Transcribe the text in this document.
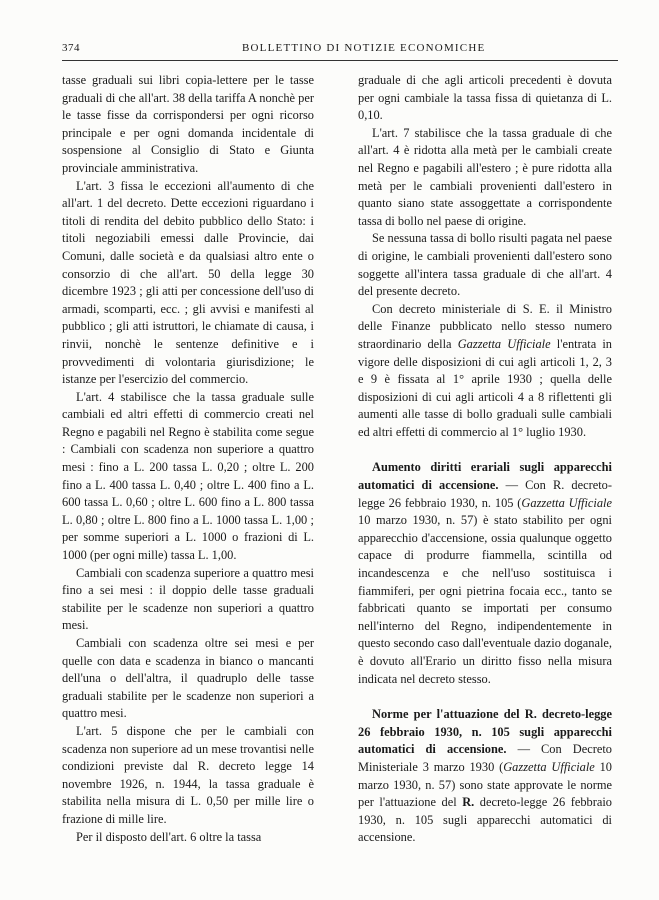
374	BOLLETTINO DI NOTIZIE ECONOMICHE

tasse graduali sui libri copia-lettere per le tasse graduali di che all'art. 38 della tariffa A nonchè per le tasse fisse da corrispondersi per ogni ricorso principale e per ogni domanda incidentale di sospensione al Consiglio di Stato e Giunta provinciale amministrativa.

L'art. 3 fissa le eccezioni all'aumento di che all'art. 1 del decreto. Dette eccezioni riguardano i titoli di rendita del debito pubblico dello Stato: i titoli negoziabili emessi dalle Provincie, dai Comuni, dalle società e da qualsiasi altro ente o consorzio di che all'art. 50 della legge 30 dicembre 1923 ; gli atti per concessione dell'uso di armadi, scomparti, ecc. ; gli avvisi e manifesti al pubblico ; gli atti istruttori, le chiamate di causa, i rinvii, nonchè le sentenze definitive e i provvedimenti di volontaria giurisdizione; le istanze per l'esercizio del commercio.

L'art. 4 stabilisce che la tassa graduale sulle cambiali ed altri effetti di commercio creati nel Regno e pagabili nel Regno è stabilita come segue : Cambiali con scadenza non superiore a quattro mesi : fino a L. 200 tassa L. 0,20 ; oltre L. 200 fino a L. 400 tassa L. 0,40 ; oltre L. 400 fino a L. 600 tassa L. 0,60 ; oltre L. 600 fino a L. 800 tassa L. 0,80 ; oltre L. 800 fino a L. 1000 tassa L. 1,00 ; per somme superiori a L. 1000 o frazioni di L. 1000 (per ogni mille) tassa L. 1,00.

Cambiali con scadenza superiore a quattro mesi fino a sei mesi : il doppio delle tasse graduali stabilite per le scadenze non superiori a quattro mesi.

Cambiali con scadenza oltre sei mesi e per quelle con data e scadenza in bianco o mancanti dell'una o dell'altra, il quadruplo delle tasse graduali stabilite per le scadenze non superiori a quattro mesi.

L'art. 5 dispone che per le cambiali con scadenza non superiore ad un mese trovantisi nelle condizioni previste dal R. decreto legge 14 novembre 1926, n. 1944, la tassa graduale è stabilita nella misura di L. 0,50 per mille lire o frazione di mille lire.

Per il disposto dell'art. 6 oltre la tassa

graduale di che agli articoli precedenti è dovuta per ogni cambiale la tassa fissa di quietanza di L. 0,10.

L'art. 7 stabilisce che la tassa graduale di che all'art. 4 è ridotta alla metà per le cambiali create nel Regno e pagabili all'estero ; è pure ridotta alla metà per le cambiali provenienti dall'estero in quanto siano state assoggettate a corrispondente tassa di bollo nel paese di origine.

Se nessuna tassa di bollo risulti pagata nel paese di origine, le cambiali provenienti dall'estero sono soggette all'intera tassa graduale di che all'art. 4 del presente decreto.

Con decreto ministeriale di S. E. il Ministro delle Finanze pubblicato nello stesso numero straordinario della Gazzetta Ufficiale l'entrata in vigore delle disposizioni di cui agli articoli 1, 2, 3 e 9 è fissata al 1° aprile 1930 ; quella delle disposizioni di cui agli articoli 4 a 8 riflettenti gli aumenti alle tasse di bollo graduali sulle cambiali ed altri effetti di commercio al 1° luglio 1930.

Aumento diritti erariali sugli apparecchi automatici di accensione. — Con R. decreto-legge 26 febbraio 1930, n. 105 (Gazzetta Ufficiale 10 marzo 1930, n. 57) è stato stabilito per ogni apparecchio d'accensione, ossia qualunque oggetto capace di produrre fiammella, scintilla od incandescenza e che nell'uso sostituisca i fiammiferi, per ogni pietrina focaia ecc., tanto se fabbricati quanto se importati per consumo nell'interno del Regno, indipendentemente in questo secondo caso dall'eventuale dazio doganale, è dovuto all'Erario un diritto fisso nella misura indicata nel decreto stesso.

Norme per l'attuazione del R. decreto-legge 26 febbraio 1930, n. 105 sugli apparecchi automatici di accensione. — Con Decreto Ministeriale 3 marzo 1930 (Gazzetta Ufficiale 10 marzo 1930, n. 57) sono state approvate le norme per l'attuazione del R. decreto-legge 26 febbraio 1930, n. 105 sugli apparecchi automatici di accensione.
